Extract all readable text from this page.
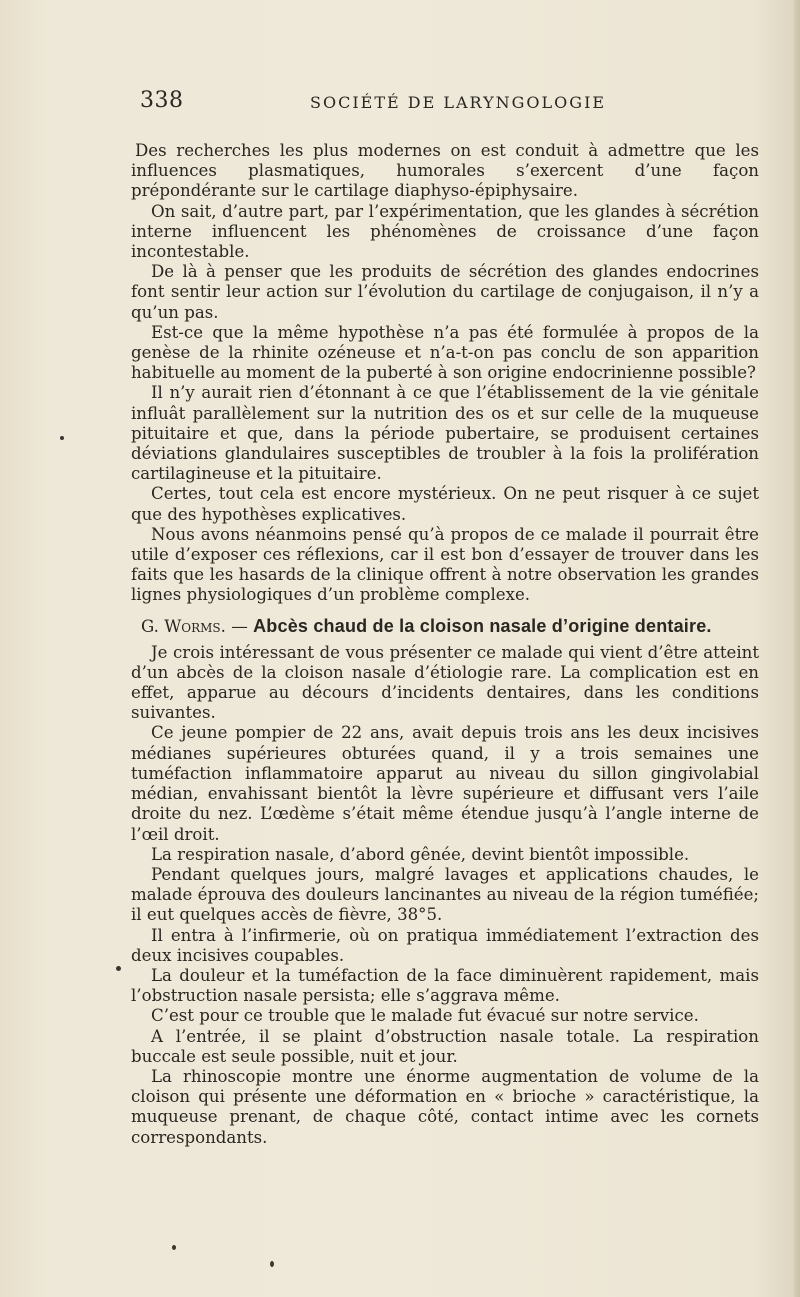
338	SOCIÉTÉ DE LARYNGOLOGIE

Des recherches les plus modernes on est conduit à admettre que les influences plasmatiques, humorales s’exercent d’une façon prépondérante sur le cartilage diaphyso-épiphysaire.

On sait, d’autre part, par l’expérimentation, que les glandes à sécrétion interne influencent les phénomènes de croissance d’une façon incontestable.

De là à penser que les produits de sécrétion des glandes endocrines font sentir leur action sur l’évolution du cartilage de conjugaison, il n’y a qu’un pas.

Est-ce que la même hypothèse n’a pas été formulée à propos de la genèse de la rhinite ozéneuse et n’a-t-on pas conclu de son apparition habituelle au moment de la puberté à son origine endocrinienne possible?

Il n’y aurait rien d’étonnant à ce que l’établissement de la vie génitale influât parallèlement sur la nutrition des os et sur celle de la muqueuse pituitaire et que, dans la période pubertaire, se produisent certaines déviations glandulaires susceptibles de troubler à la fois la prolifération cartilagineuse et la pituitaire.

Certes, tout cela est encore mystérieux. On ne peut risquer à ce sujet que des hypothèses explicatives.

Nous avons néanmoins pensé qu’à propos de ce malade il pourrait être utile d’exposer ces réflexions, car il est bon d’essayer de trouver dans les faits que les hasards de la clinique offrent à notre observation les grandes lignes physiologiques d’un problème complexe.

G. Worms. — Abcès chaud de la cloison nasale d’origine dentaire.

Je crois intéressant de vous présenter ce malade qui vient d’être atteint d’un abcès de la cloison nasale d’étiologie rare. La complication est en effet, apparue au décours d’incidents dentaires, dans les conditions suivantes.

Ce jeune pompier de 22 ans, avait depuis trois ans les deux incisives médianes supérieures obturées quand, il y a trois semaines une tuméfaction inflammatoire apparut au niveau du sillon gingivolabial médian, envahissant bientôt la lèvre supérieure et diffusant vers l’aile droite du nez. L’œdème s’était même étendue jusqu’à l’angle interne de l’œil droit.

La respiration nasale, d’abord gênée, devint bientôt impossible.

Pendant quelques jours, malgré lavages et applications chaudes, le malade éprouva des douleurs lancinantes au niveau de la région tuméfiée; il eut quelques accès de fièvre, 38°5.

Il entra à l’infirmerie, où on pratiqua immédiatement l’extraction des deux incisives coupables.

La douleur et la tuméfaction de la face diminuèrent rapidement, mais l’obstruction nasale persista; elle s’aggrava même.

C’est pour ce trouble que le malade fut évacué sur notre service.

A l’entrée, il se plaint d’obstruction nasale totale. La respiration buccale est seule possible, nuit et jour.

La rhinoscopie montre une énorme augmentation de volume de la cloison qui présente une déformation en « brioche » caractéristique, la muqueuse prenant, de chaque côté, contact intime avec les cornets correspondants.
